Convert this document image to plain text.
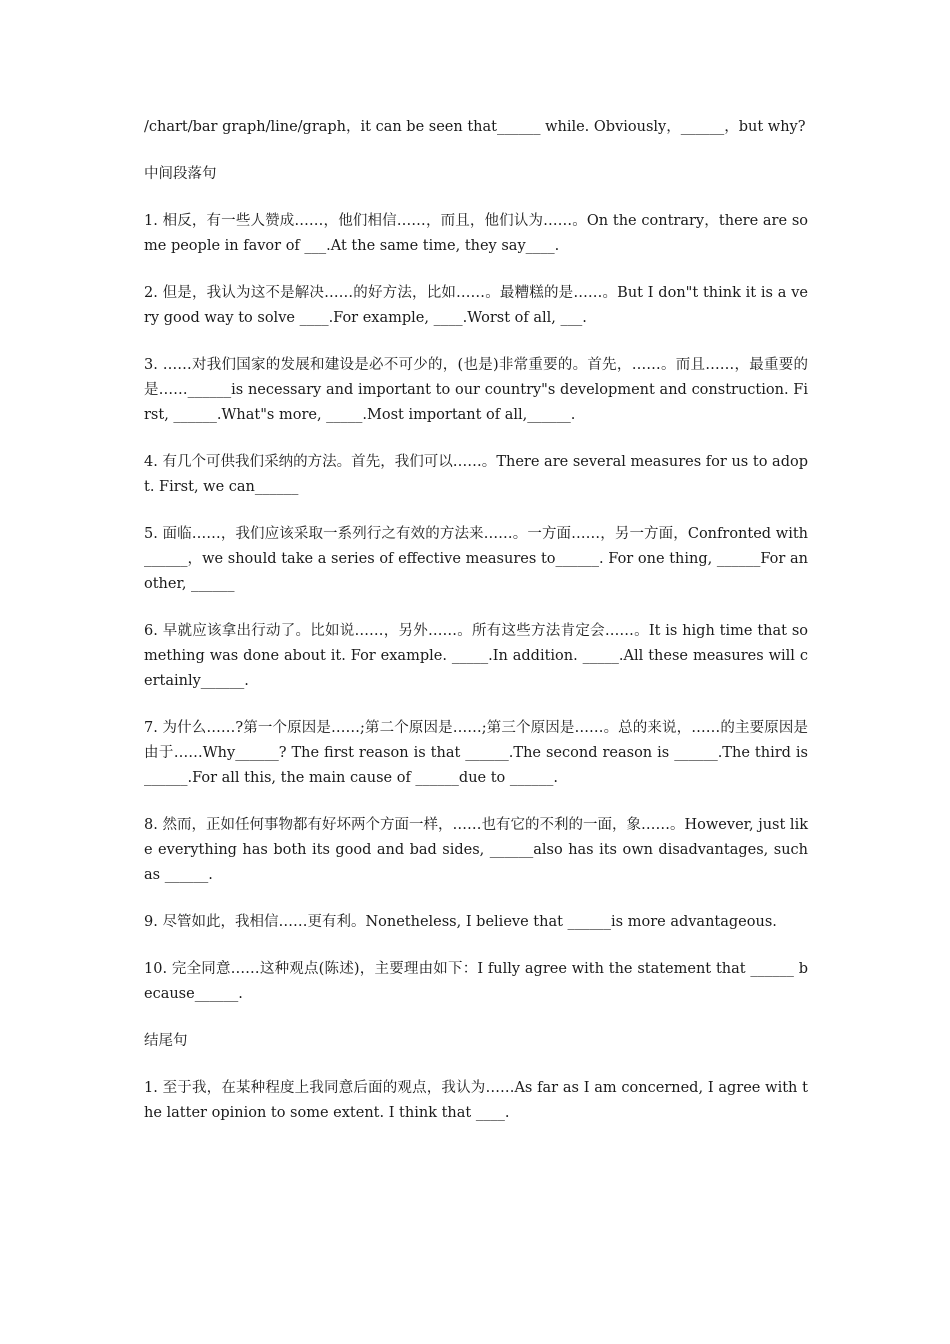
/chart/bar graph/line/graph，it can be seen that______ while. Obviously，______，but why?

中间段落句

1. 相反，有一些人赞成……，他们相信……，而且，他们认为……。On the contrary，there are some people in favor of ___.At the same time, they say____.

2. 但是，我认为这不是解决……的好方法，比如……。最糟糕的是……。But I don"t think it is a very good way to solve ____.For example, ____.Worst of all, ___.

3. ……对我们国家的发展和建设是必不可少的，(也是)非常重要的。首先，……。而且……，最重要的是……______is necessary and important to our country"s development and construction. First, ______.What"s more, _____.Most important of all,______.

4. 有几个可供我们采纳的方法。首先，我们可以……。There are several measures for us to adopt. First, we can______

5. 面临……，我们应该采取一系列行之有效的方法来……。一方面……，另一方面，Confronted with______，we should take a series of effective measures to______. For one thing, ______For another, ______

6. 早就应该拿出行动了。比如说……，另外……。所有这些方法肯定会……。It is high time that something was done about it. For example. _____.In addition. _____.All these measures will certainly______.

7. 为什么……?第一个原因是……;第二个原因是……;第三个原因是……。总的来说，……的主要原因是由于……Why______? The first reason is that ______.The second reason is ______.The third is ______.For all this, the main cause of ______due to ______.

8. 然而，正如任何事物都有好坏两个方面一样，……也有它的不利的一面，象……。However, just like everything has both its good and bad sides, ______also has its own disadvantages, such as ______.

9. 尽管如此，我相信……更有利。Nonetheless, I believe that ______is more advantageous.

10. 完全同意……这种观点(陈述)，主要理由如下：I fully agree with the statement that ______ because______.

结尾句

1. 至于我，在某种程度上我同意后面的观点，我认为……As far as I am concerned, I agree with the latter opinion to some extent. I think that ____.
